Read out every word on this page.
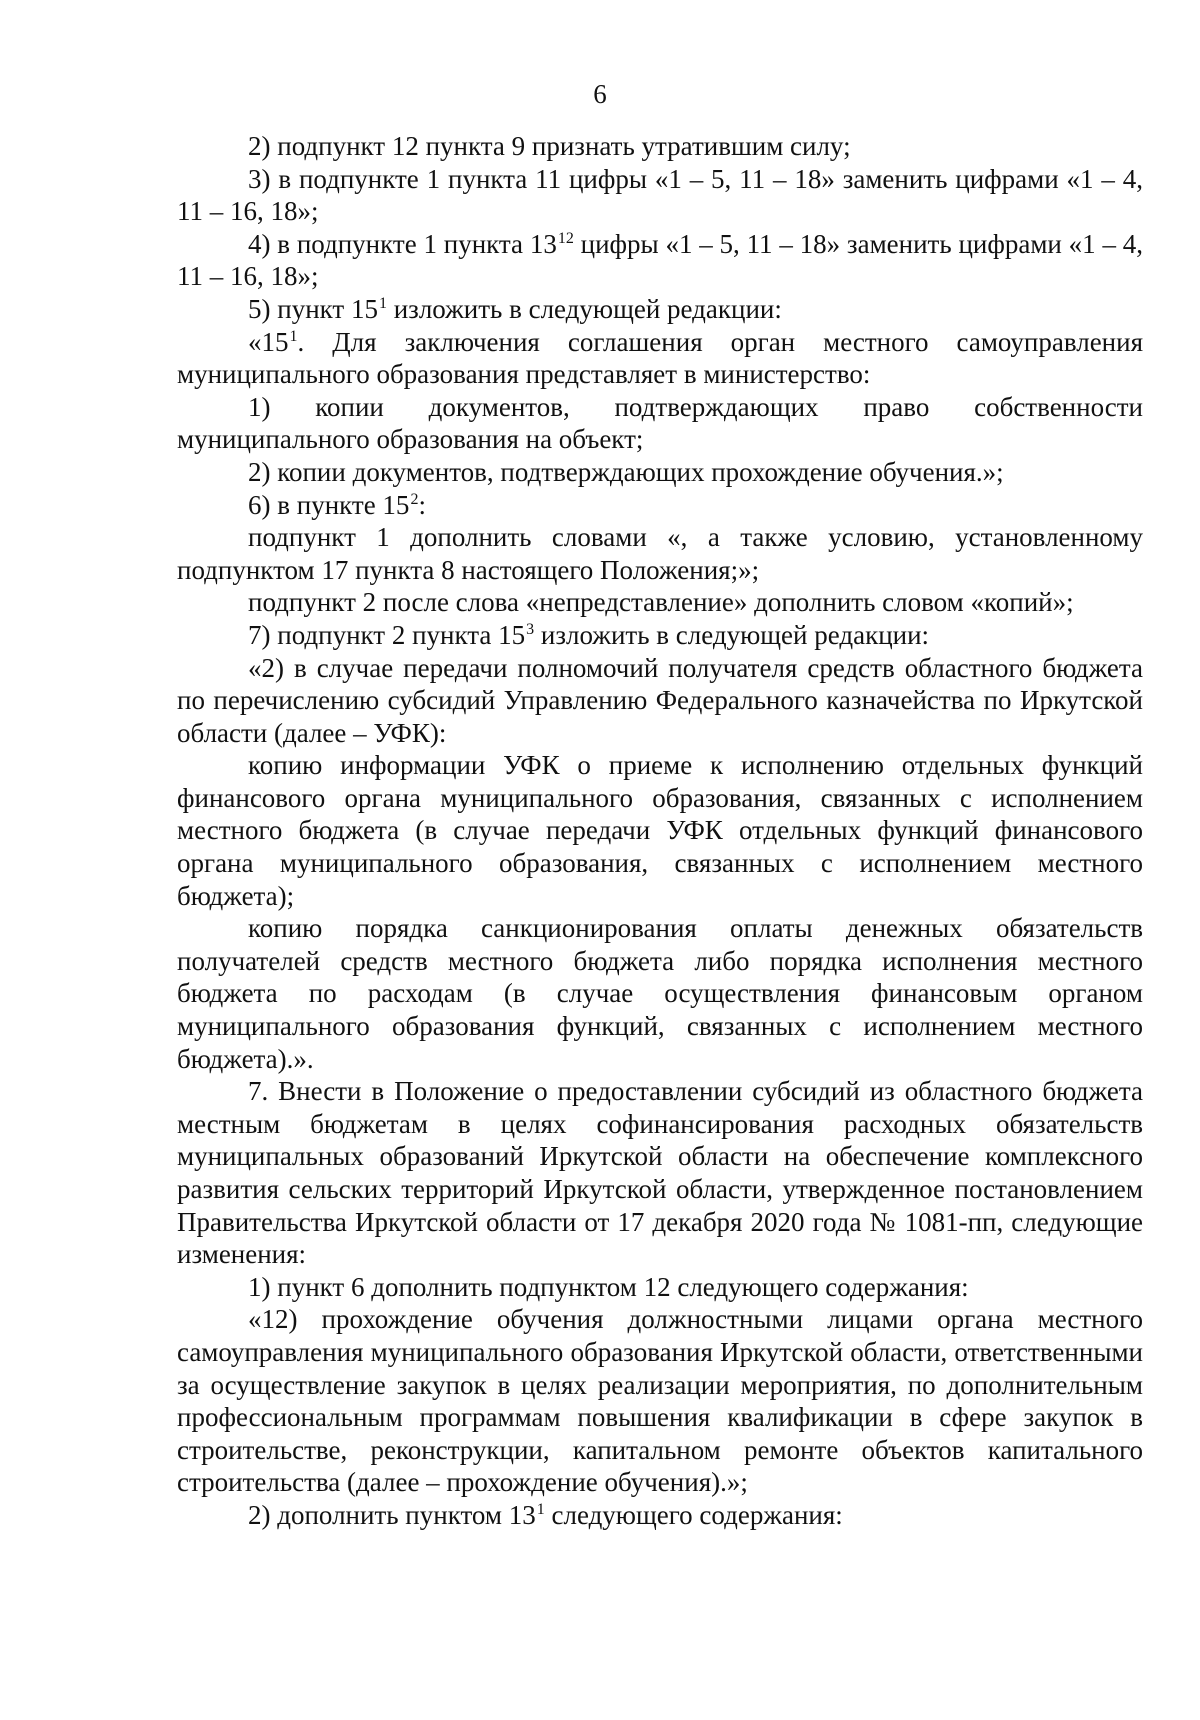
6

2) подпункт 12 пункта 9 признать утратившим силу;

3) в подпункте 1 пункта 11 цифры «1 – 5, 11 – 18» заменить цифрами «1 – 4, 11 – 16, 18»;

4) в подпункте 1 пункта $13^{12}$ цифры «1 – 5, 11 – 18» заменить цифрами «1 – 4, 11 – 16, 18»;

5) пункт $15^1$ изложить в следующей редакции:

«$15^1$. Для заключения соглашения орган местного самоуправления муниципального образования представляет в министерство:

1) копии документов, подтверждающих право собственности муниципального образования на объект;

2) копии документов, подтверждающих прохождение обучения.»;

6) в пункте $15^2$:

подпункт 1 дополнить словами «, а также условию, установленному подпунктом 17 пункта 8 настоящего Положения;»;

подпункт 2 после слова «непредставление» дополнить словом «копий»;

7) подпункт 2 пункта $15^3$ изложить в следующей редакции:

«2) в случае передачи полномочий получателя средств областного бюджета по перечислению субсидий Управлению Федерального казначейства по Иркутской области (далее – УФК):

копию информации УФК о приеме к исполнению отдельных функций финансового органа муниципального образования, связанных с исполнением местного бюджета (в случае передачи УФК отдельных функций финансового органа муниципального образования, связанных с исполнением местного бюджета);

копию порядка санкционирования оплаты денежных обязательств получателей средств местного бюджета либо порядка исполнения местного бюджета по расходам (в случае осуществления финансовым органом муниципального образования функций, связанных с исполнением местного бюджета).».

7. Внести в Положение о предоставлении субсидий из областного бюджета местным бюджетам в целях софинансирования расходных обязательств муниципальных образований Иркутской области на обеспечение комплексного развития сельских территорий Иркутской области, утвержденное постановлением Правительства Иркутской области от 17 декабря 2020 года № 1081-пп, следующие изменения:

1) пункт 6 дополнить подпунктом 12 следующего содержания:

«12) прохождение обучения должностными лицами органа местного самоуправления муниципального образования Иркутской области, ответственными за осуществление закупок в целях реализации мероприятия, по дополнительным профессиональным программам повышения квалификации в сфере закупок в строительстве, реконструкции, капитальном ремонте объектов капитального строительства (далее – прохождение обучения).»;

2) дополнить пунктом $13^1$ следующего содержания:
